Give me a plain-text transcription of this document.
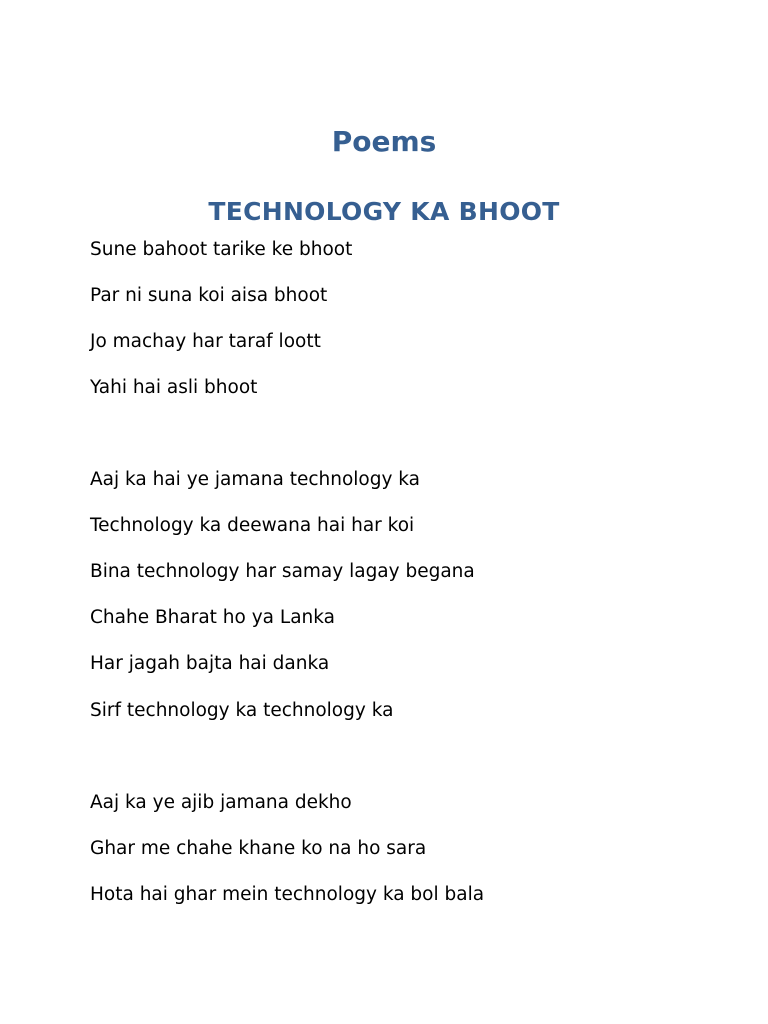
Poems
TECHNOLOGY KA BHOOT
Sune bahoot tarike ke bhoot
Par ni suna koi aisa bhoot
Jo machay har taraf loott
Yahi hai asli bhoot
Aaj ka hai ye jamana technology ka
Technology ka deewana hai har koi
Bina technology har samay lagay begana
Chahe Bharat ho ya Lanka
Har jagah bajta hai danka
Sirf technology ka technology ka
Aaj ka ye ajib jamana dekho
Ghar me chahe khane ko na ho sara
Hota hai ghar mein technology ka bol bala
